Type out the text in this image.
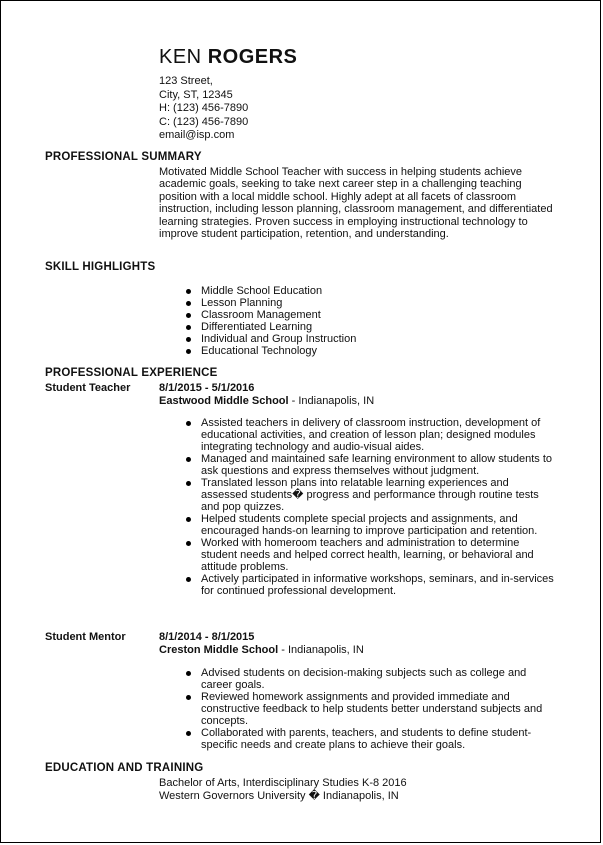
KEN ROGERS
123 Street,
City, ST, 12345
H: (123) 456-7890
C: (123) 456-7890
email@isp.com
PROFESSIONAL SUMMARY
Motivated Middle School Teacher with success in helping students achieve academic goals, seeking to take next career step in a challenging teaching position with a local middle school. Highly adept at all facets of classroom instruction, including lesson planning, classroom management, and differentiated learning strategies. Proven success in employing instructional technology to improve student participation, retention, and understanding.
SKILL HIGHLIGHTS
Middle School Education
Lesson Planning
Classroom Management
Differentiated Learning
Individual and Group Instruction
Educational Technology
PROFESSIONAL EXPERIENCE
Student Teacher	8/1/2015 - 5/1/2016
Eastwood Middle School - Indianapolis, IN
Assisted teachers in delivery of classroom instruction, development of educational activities, and creation of lesson plan; designed modules integrating technology and audio-visual aides.
Managed and maintained safe learning environment to allow students to ask questions and express themselves without judgment.
Translated lesson plans into relatable learning experiences and assessed students� progress and performance through routine tests and pop quizzes.
Helped students complete special projects and assignments, and encouraged hands-on learning to improve participation and retention.
Worked with homeroom teachers and administration to determine student needs and helped correct health, learning, or behavioral and attitude problems.
Actively participated in informative workshops, seminars, and in-services for continued professional development.
Student Mentor	8/1/2014 - 8/1/2015
Creston Middle School - Indianapolis, IN
Advised students on decision-making subjects such as college and career goals.
Reviewed homework assignments and provided immediate and constructive feedback to help students better understand subjects and concepts.
Collaborated with parents, teachers, and students to define student-specific needs and create plans to achieve their goals.
EDUCATION AND TRAINING
Bachelor of Arts, Interdisciplinary Studies K-8 2016
Western Governors University � Indianapolis, IN
